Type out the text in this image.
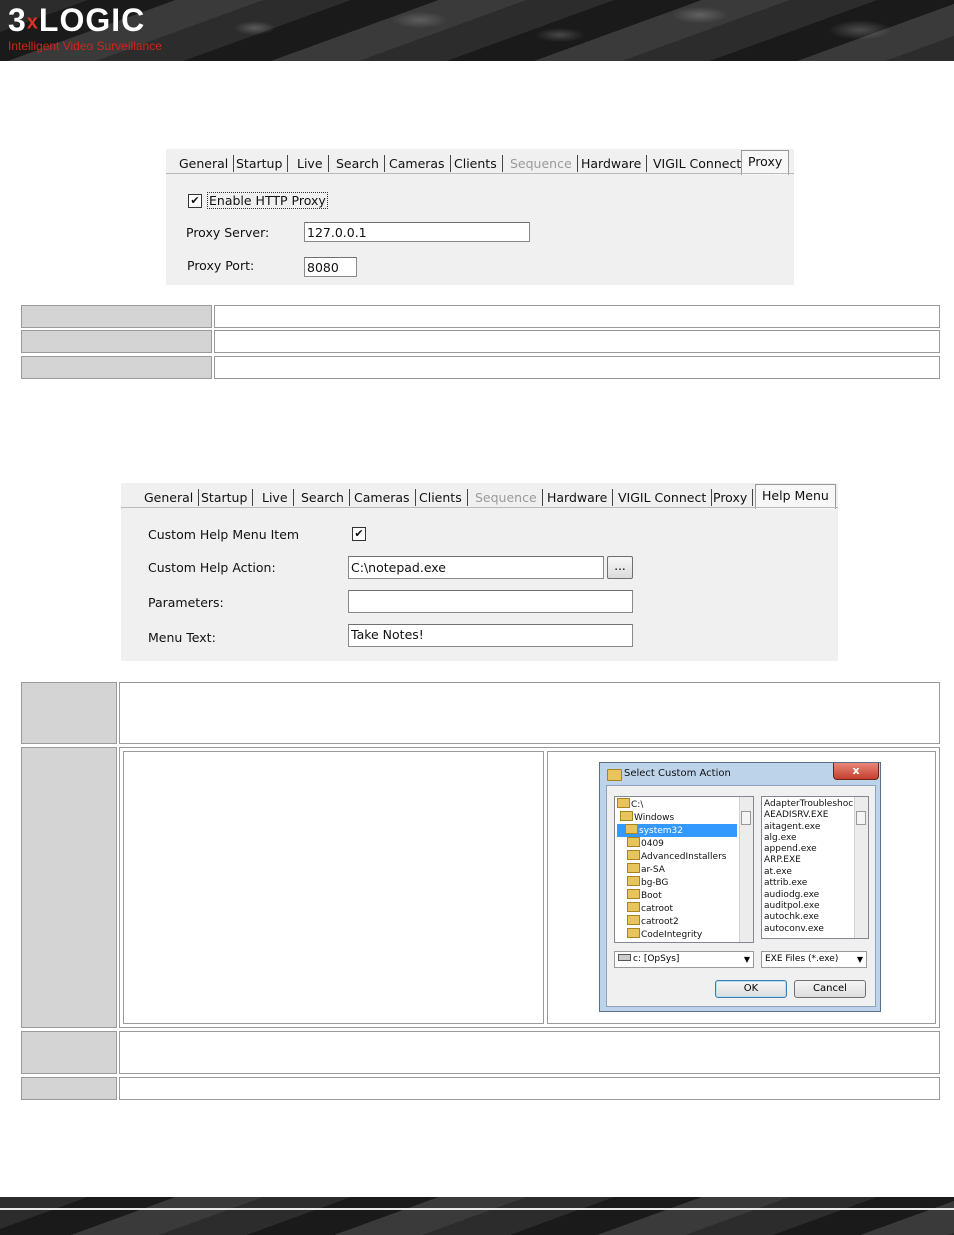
3xLOGIC
Intelligent Video Surveillance
General Startup	Live	Search Cameras Clients	Sequence Hardware VIGIL Connect Proxy
✔ Enable HTTP Proxy
Proxy Server:	127.0.0.1
Proxy Port:	8080
General Startup	Live	Search Cameras Clients	Sequence Hardware VIGIL Connect Proxy	Help Menu
Custom Help Menu Item	✔
Custom Help Action:	C:\notepad.exe	...
Parameters:
Menu Text:	Take Notes!
Select Custom Action	x
C:\
Windows
system32
0409
AdvancedInstallers
ar-SA
bg-BG
Boot
catroot
catroot2
CodeIntegrity
AdapterTroubleshoc
AEADISRV.EXE
aitagent.exe
alg.exe
append.exe
ARP.EXE
at.exe
attrib.exe
audiodg.exe
auditpol.exe
autochk.exe
autoconv.exe
c: [OpSys]	▼	EXE Files (*.exe) ▼
OK	Cancel
